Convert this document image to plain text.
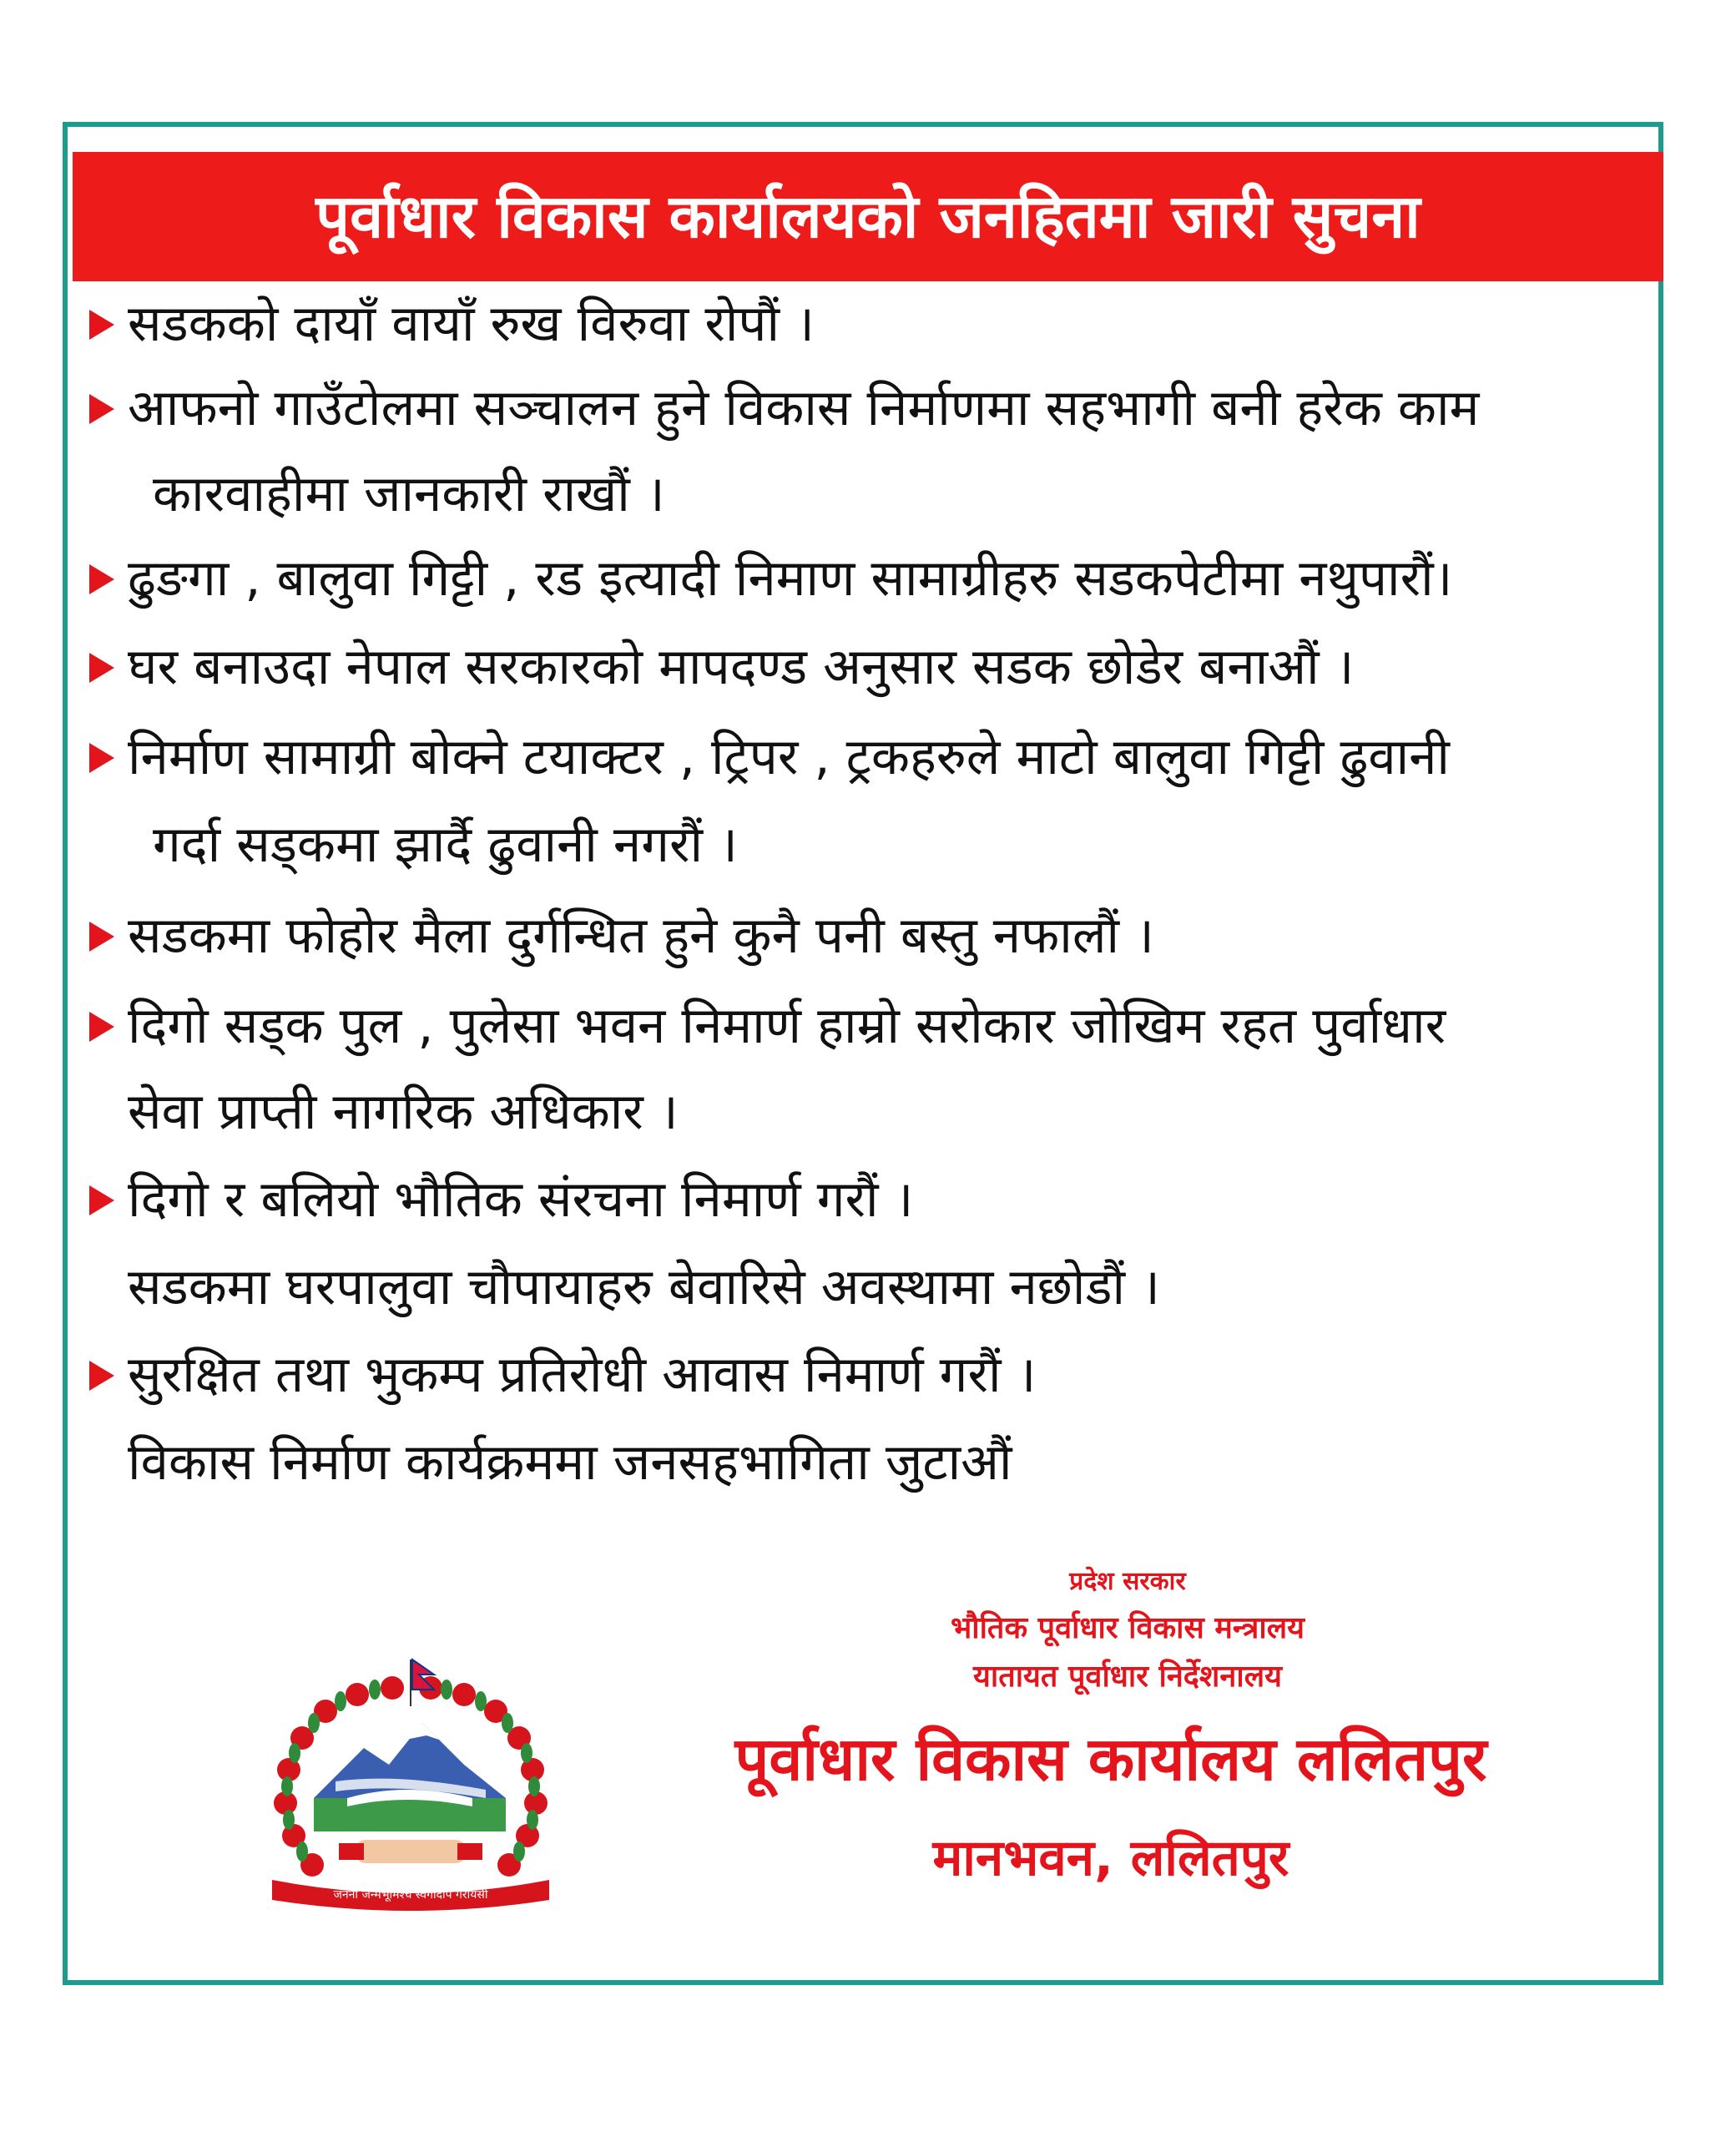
पूर्वाधार विकास कार्यालयको जनहितमा जारी सुचना
सडकको दायाँ वायाँ रुख विरुवा रोपौं ।
आफनो गाउँटोलमा सञ्चालन हुने विकास निर्माणमा सहभागी बनी हरेक काम
कारवाहीमा जानकारी राखौं ।
ढुङगा , बालुवा गिट्टी , रड इत्यादी निमाण सामाग्रीहरु सडकपेटीमा नथुपारौं।
घर बनाउदा नेपाल सरकारको मापदण्ड अनुसार सडक छोडेर बनाऔं ।
निर्माण सामाग्री बोक्ने टयाक्टर , ट्रिपर , ट्रकहरुले माटो बालुवा गिट्टी ढुवानी
गर्दा सड्कमा झार्दै ढुवानी नगरौं ।
सडकमा फोहोर मैला दुर्गन्धित हुने कुनै पनी बस्तु नफालौं ।
दिगो सड्क पुल , पुलेसा भवन निमार्ण हाम्रो सरोकार जोखिम रहत पुर्वाधार
सेवा प्राप्ती नागरिक अधिकार ।
दिगो र बलियो भौतिक संरचना निमार्ण गरौं ।
सडकमा घरपालुवा चौपायाहरु बेवारिसे अवस्थामा नछोडौं ।
सुरक्षित तथा भुकम्प प्रतिरोधी आवास निमार्ण गरौं ।
विकास निर्माण कार्यक्रममा जनसहभागिता जुटाऔं
प्रदेश सरकार
भौतिक पूर्वाधार विकास मन्त्रालय
यातायत पूर्वाधार निर्देशनालय
पूर्वाधार विकास कार्यालय ललितपुर
मानभवन, ललितपुर
जननी जन्मभूमिश्च स्वर्गादपि गरीयसी
